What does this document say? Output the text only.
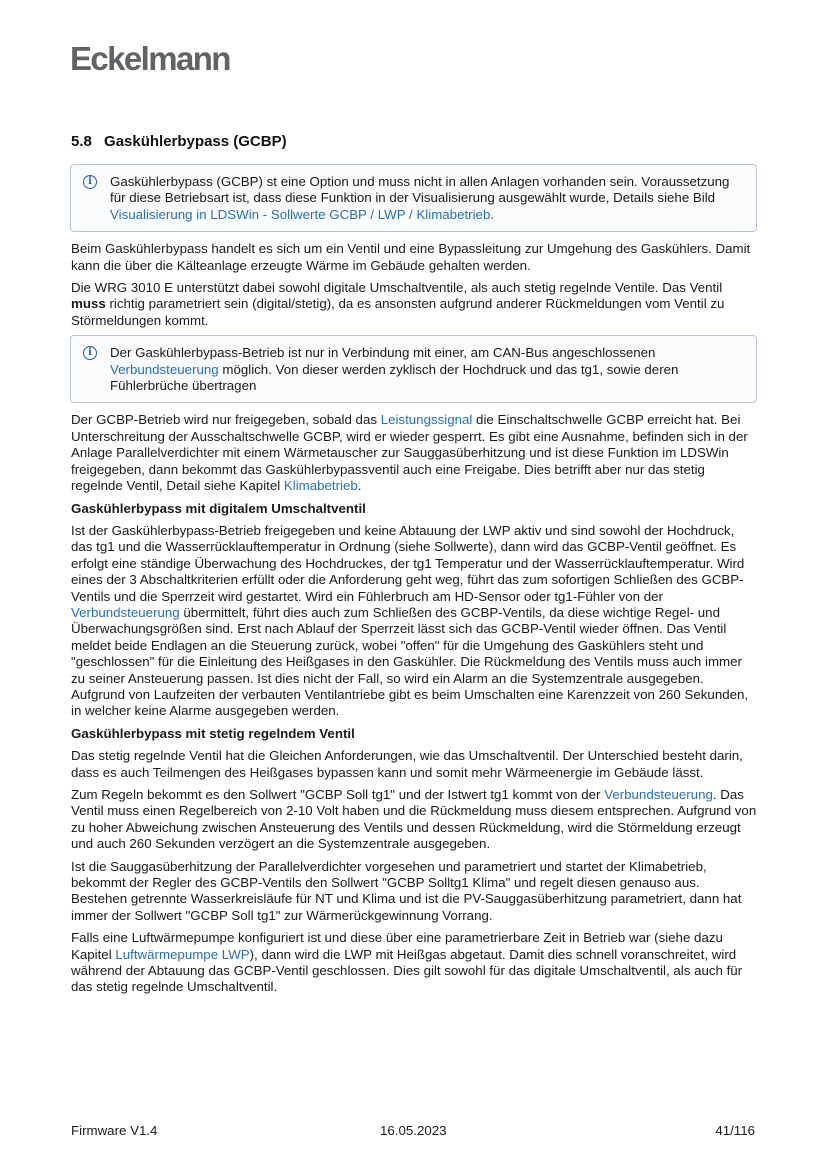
Eckelmann
5.8 Gaskühlerbypass (GCBP)
i	Gaskühlerbypass (GCBP) st eine Option und muss nicht in allen Anlagen vorhanden sein. Voraussetzung für diese Betriebsart ist, dass diese Funktion in der Visualisierung ausgewählt wurde, Details siehe Bild Visualisierung in LDSWin - Sollwerte GCBP / LWP / Klimabetrieb.

Beim Gaskühlerbypass handelt es sich um ein Ventil und eine Bypassleitung zur Umgehung des Gaskühlers. Damit kann die über die Kälteanlage erzeugte Wärme im Gebäude gehalten werden.

Die WRG 3010 E unterstützt dabei sowohl digitale Umschaltventile, als auch stetig regelnde Ventile. Das Ventil muss richtig parametriert sein (digital/stetig), da es ansonsten aufgrund anderer Rückmeldungen vom Ventil zu Störmeldungen kommt.

i	Der Gaskühlerbypass-Betrieb ist nur in Verbindung mit einer, am CAN-Bus angeschlossenen Verbundsteuerung möglich. Von dieser werden zyklisch der Hochdruck und das tg1, sowie deren Fühlerbrüche übertragen

Der GCBP-Betrieb wird nur freigegeben, sobald das Leistungssignal die Einschaltschwelle GCBP erreicht hat. Bei Unterschreitung der Ausschaltschwelle GCBP, wird er wieder gesperrt. Es gibt eine Ausnahme, befinden sich in der Anlage Parallelverdichter mit einem Wärmetauscher zur Sauggasüberhitzung und ist diese Funktion im LDSWin freigegeben, dann bekommt das Gaskühlerbypassventil auch eine Freigabe. Dies betrifft aber nur das stetig regelnde Ventil, Detail siehe Kapitel Klimabetrieb.

Gaskühlerbypass mit digitalem Umschaltventil

Ist der Gaskühlerbypass-Betrieb freigegeben und keine Abtauung der LWP aktiv und sind sowohl der Hochdruck, das tg1 und die Wasserrücklauftemperatur in Ordnung (siehe Sollwerte), dann wird das GCBP-Ventil geöffnet. Es erfolgt eine ständige Überwachung des Hochdruckes, der tg1 Temperatur und der Wasserrücklauftemperatur. Wird eines der 3 Abschaltkriterien erfüllt oder die Anforderung geht weg, führt das zum sofortigen Schließen des GCBP-Ventils und die Sperrzeit wird gestartet. Wird ein Fühlerbruch am HD-Sensor oder tg1-Fühler von der Verbundsteuerung übermittelt, führt dies auch zum Schließen des GCBP-Ventils, da diese wichtige Regel- und Überwachungsgrößen sind. Erst nach Ablauf der Sperrzeit lässt sich das GCBP-Ventil wieder öffnen. Das Ventil meldet beide Endlagen an die Steuerung zurück, wobei "offen" für die Umgehung des Gaskühlers steht und "geschlossen" für die Einleitung des Heißgases in den Gaskühler. Die Rückmeldung des Ventils muss auch immer zu seiner Ansteuerung passen. Ist dies nicht der Fall, so wird ein Alarm an die Systemzentrale ausgegeben. Aufgrund von Laufzeiten der verbauten Ventilantriebe gibt es beim Umschalten eine Karenzzeit von 260 Sekunden, in welcher keine Alarme ausgegeben werden.

Gaskühlerbypass mit stetig regelndem Ventil

Das stetig regelnde Ventil hat die Gleichen Anforderungen, wie das Umschaltventil. Der Unterschied besteht darin, dass es auch Teilmengen des Heißgases bypassen kann und somit mehr Wärmeenergie im Gebäude lässt.

Zum Regeln bekommt es den Sollwert "GCBP Soll tg1" und der Istwert tg1 kommt von der Verbundsteuerung. Das Ventil muss einen Regelbereich von 2-10 Volt haben und die Rückmeldung muss diesem entsprechen. Aufgrund von zu hoher Abweichung zwischen Ansteuerung des Ventils und dessen Rückmeldung, wird die Störmeldung erzeugt und auch 260 Sekunden verzögert an die Systemzentrale ausgegeben.

Ist die Sauggasüberhitzung der Parallelverdichter vorgesehen und parametriert und startet der Klimabetrieb, bekommt der Regler des GCBP-Ventils den Sollwert "GCBP Solltg1 Klima" und regelt diesen genauso aus. Bestehen getrennte Wasserkreisläufe für NT und Klima und ist die PV-Sauggasüberhitzung parametriert, dann hat immer der Sollwert "GCBP Soll tg1" zur Wärmerückgewinnung Vorrang.

Falls eine Luftwärmepumpe konfiguriert ist und diese über eine parametrierbare Zeit in Betrieb war (siehe dazu Kapitel Luftwärmepumpe LWP), dann wird die LWP mit Heißgas abgetaut. Damit dies schnell voranschreitet, wird während der Abtauung das GCBP-Ventil geschlossen. Dies gilt sowohl für das digitale Umschaltventil, als auch für das stetig regelnde Umschaltventil.

Firmware V1.4	16.05.2023	41/116
